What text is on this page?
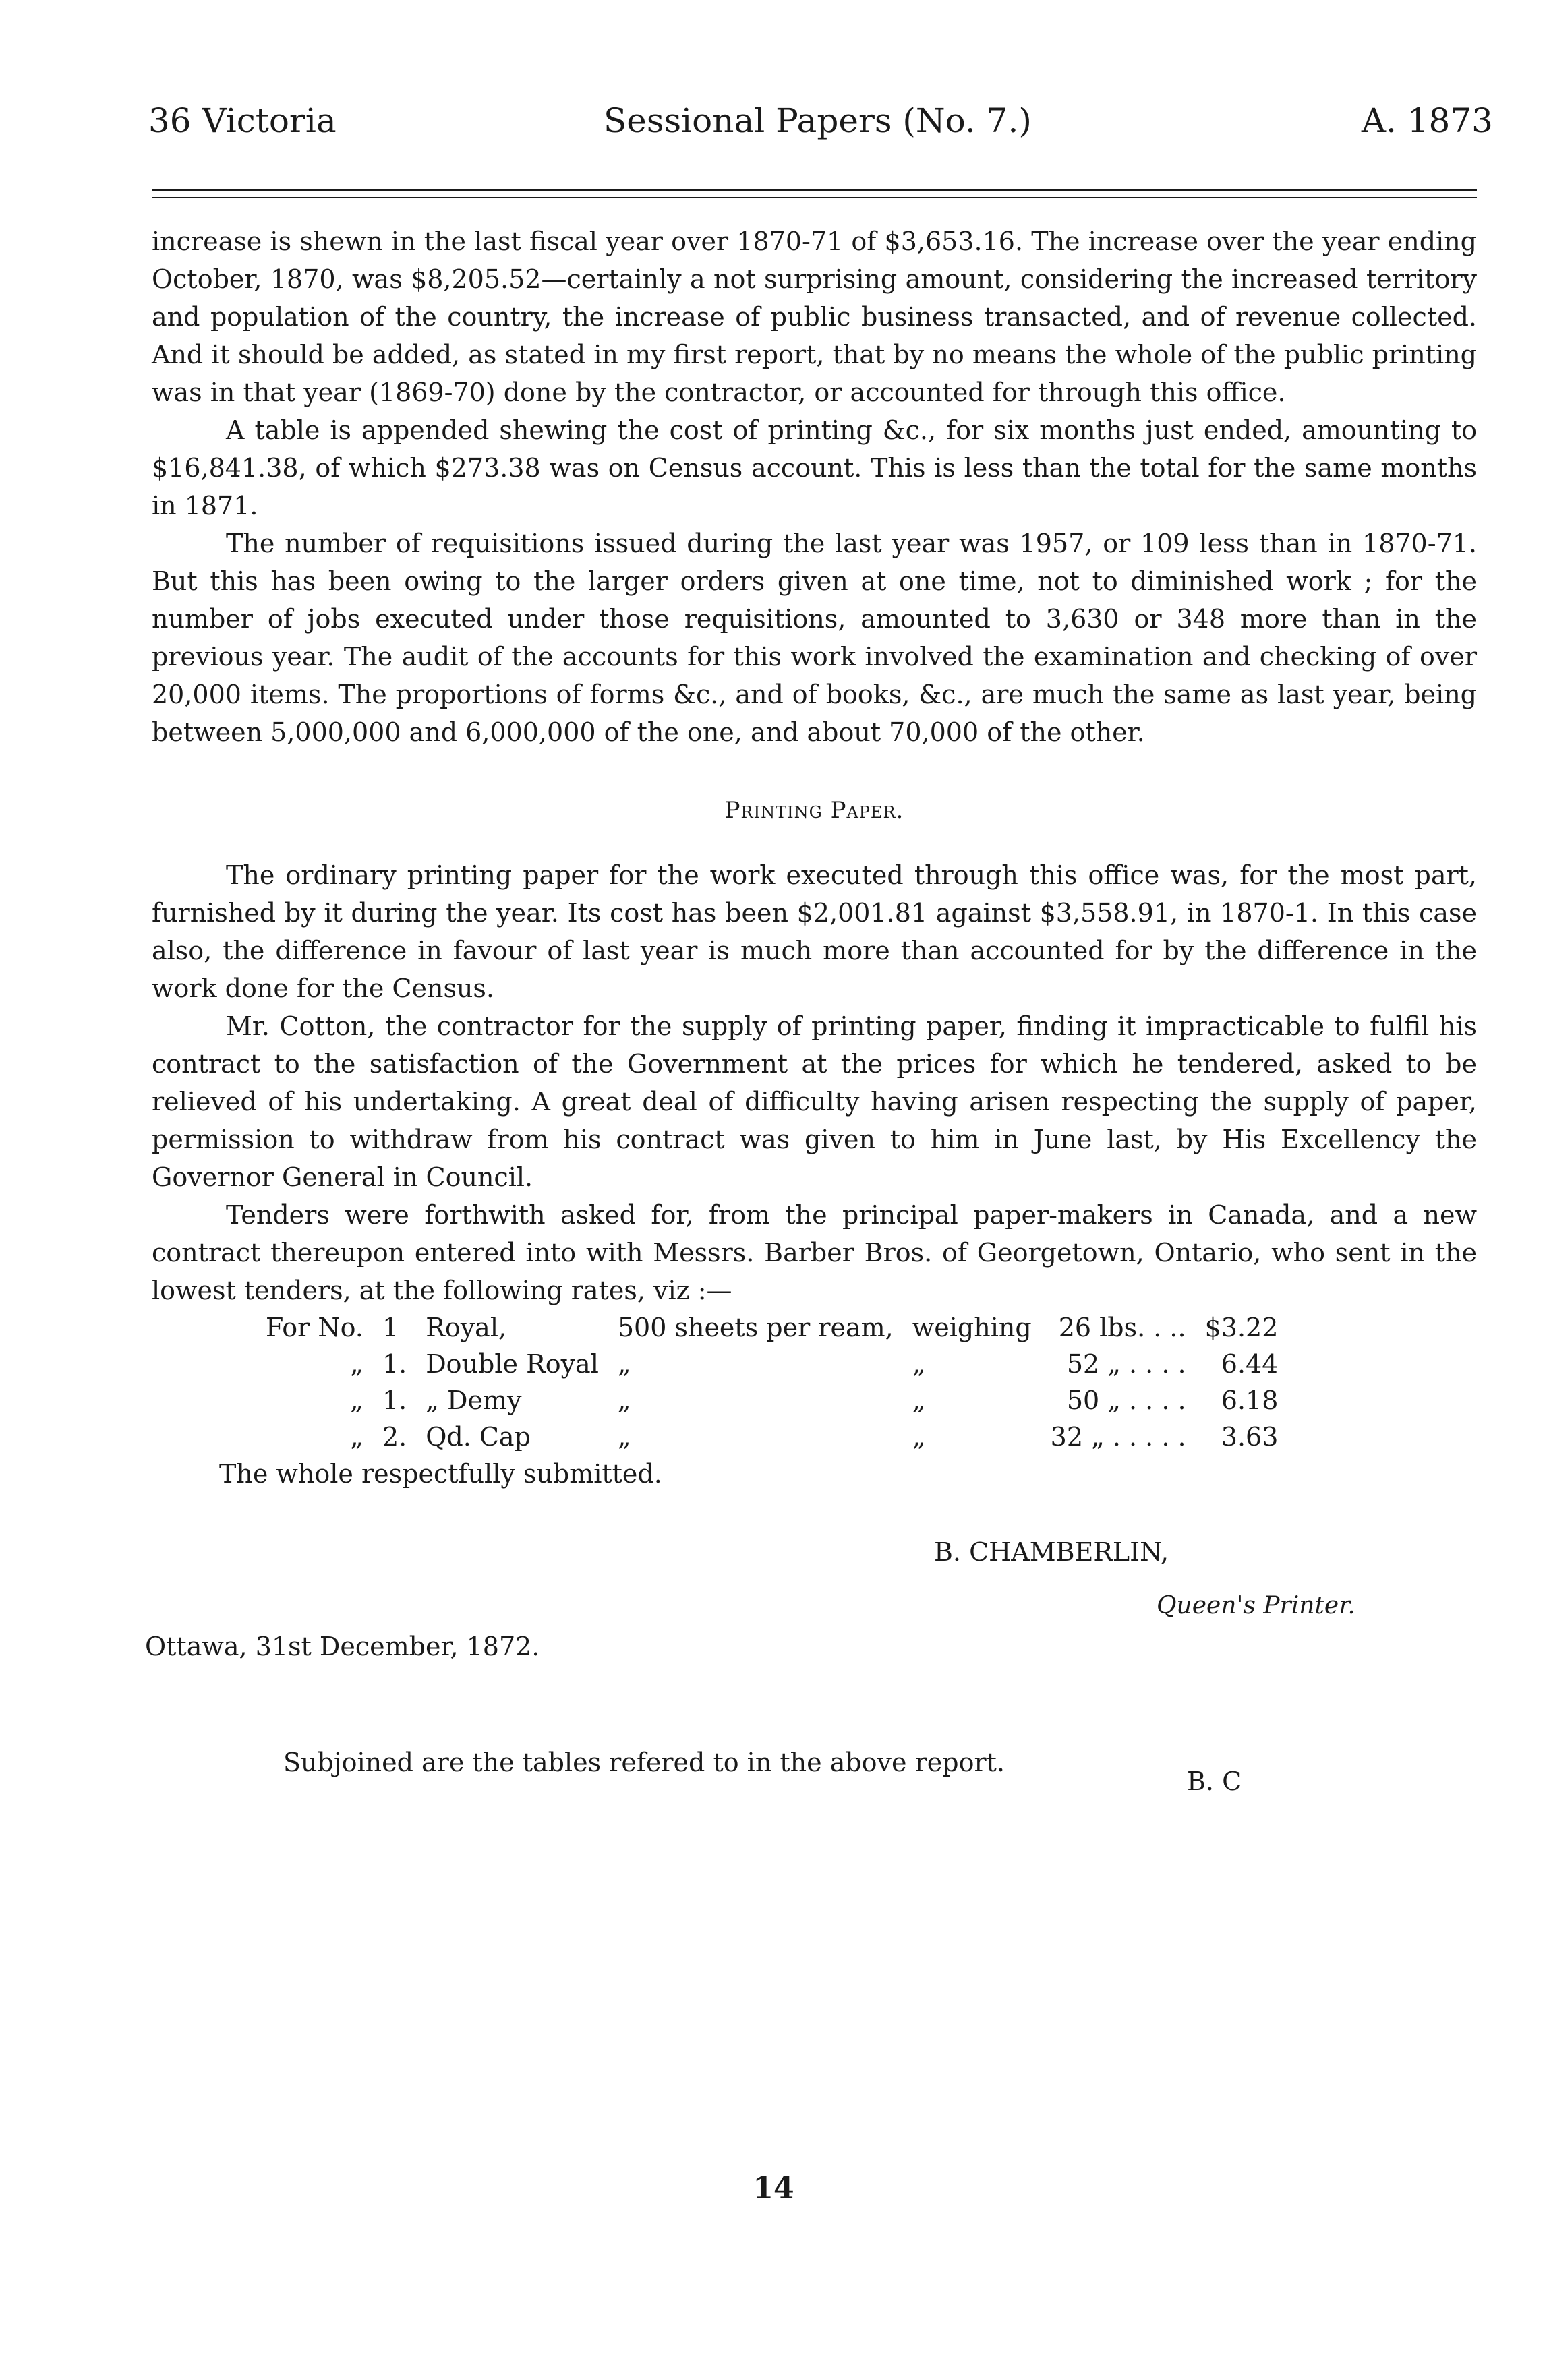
36 Victoria	Sessional Papers (No. 7.)	A. 1873

increase is shewn in the last fiscal year over 1870-71 of $3,653.16. The increase over the year ending October, 1870, was $8,205.52—certainly a not surprising amount, considering the increased territory and population of the country, the increase of public business transacted, and of revenue collected. And it should be added, as stated in my first report, that by no means the whole of the public printing was in that year (1869-70) done by the contractor, or accounted for through this office.

A table is appended shewing the cost of printing &c., for six months just ended, amounting to $16,841.38, of which $273.38 was on Census account. This is less than the total for the same months in 1871.

The number of requisitions issued during the last year was 1957, or 109 less than in 1870-71. But this has been owing to the larger orders given at one time, not to diminished work ; for the number of jobs executed under those requisitions, amounted to 3,630 or 348 more than in the previous year. The audit of the accounts for this work involved the examination and checking of over 20,000 items. The proportions of forms &c., and of books, &c., are much the same as last year, being between 5,000,000 and 6,000,000 of the one, and about 70,000 of the other.

Printing Paper.

The ordinary printing paper for the work executed through this office was, for the most part, furnished by it during the year. Its cost has been $2,001.81 against $3,558.91, in 1870-1. In this case also, the difference in favour of last year is much more than accounted for by the difference in the work done for the Census.

Mr. Cotton, the contractor for the supply of printing paper, finding it impracticable to fulfil his contract to the satisfaction of the Government at the prices for which he tendered, asked to be relieved of his undertaking. A great deal of difficulty having arisen respecting the supply of paper, permission to withdraw from his contract was given to him in June last, by His Excellency the Governor General in Council.

Tenders were forthwith asked for, from the principal paper-makers in Canada, and a new contract thereupon entered into with Messrs. Barber Bros. of Georgetown, Ontario, who sent in the lowest tenders, at the following rates, viz :—

For No.	1	Royal,	500 sheets per ream,	weighing	26 lbs. . ..	$3.22
„	1.	Double Royal	„	„	52 „ . . . .	6.44
„	1.	„ Demy	„	„	50 „ . . . .	6.18
„	2.	Qd. Cap	„	„	32 „ . . . . .	3.63

The whole respectfully submitted.

B. CHAMBERLIN,
Queen's Printer.
Ottawa, 31st December, 1872.
Subjoined are the tables refered to in the above report.
B. C
14
